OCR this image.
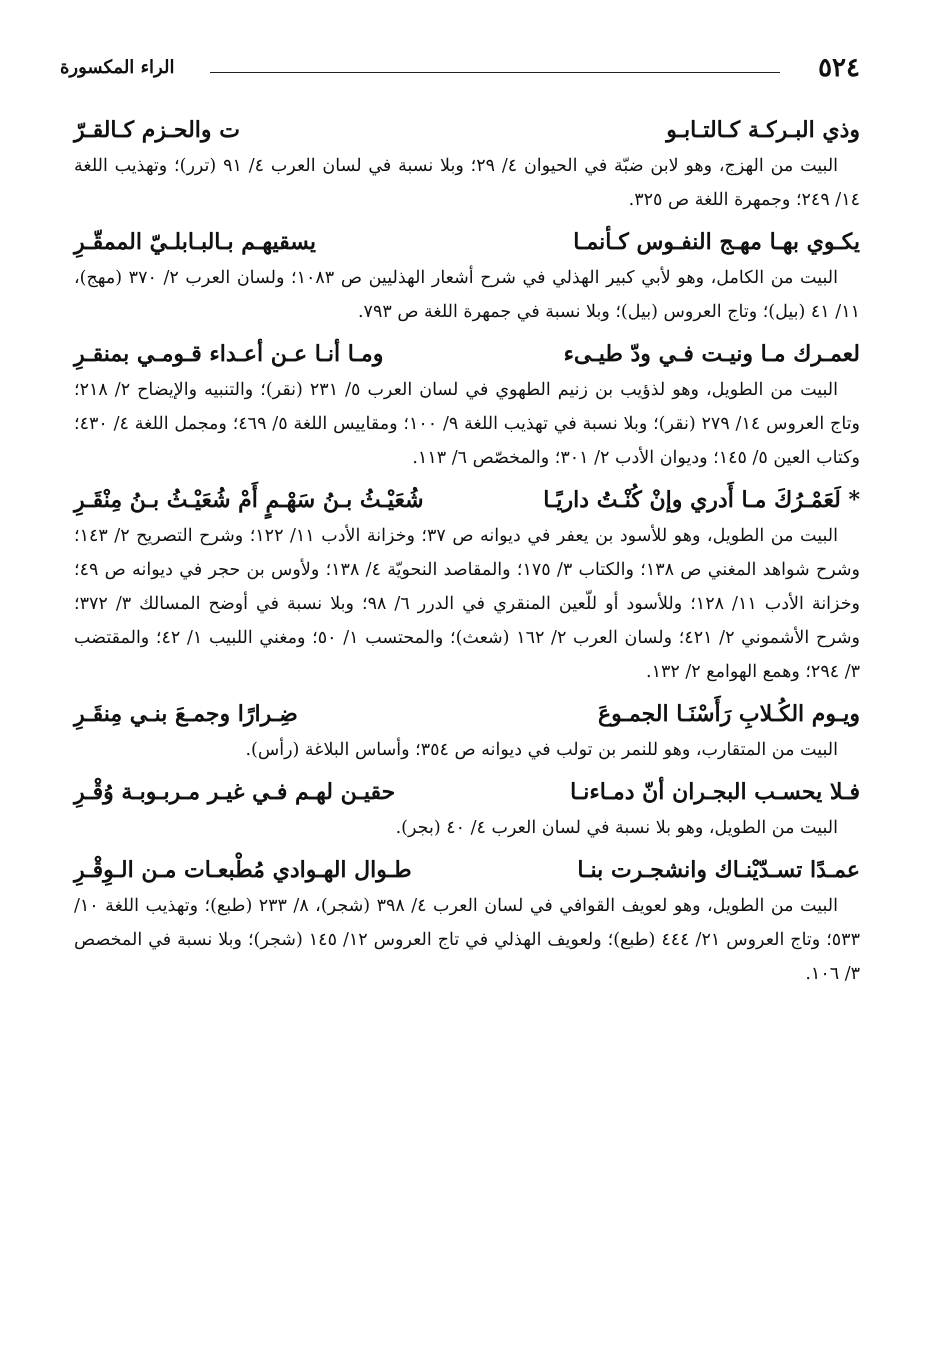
٥٢٤
الراء المكسورة
وذي البـركـة كـالتـابـو
ت والحـزم كـالقـرّ
البيت من الهزج، وهو لابن ضبّة في الحيوان ٤/ ٢٩؛ وبلا نسبة في لسان العرب ٤/ ٩١ (ترر)؛ وتهذيب اللغة ١٤/ ٢٤٩؛ وجمهرة اللغة ص ٣٢٥.
يكـوي بهـا مهـج النفـوس كـأنمـا
يسقيهـم بـالبـابلـيّ الممقّـرِ
البيت من الكامل، وهو لأبي كبير الهذلي في شرح أشعار الهذليين ص ١٠٨٣؛ ولسان العرب ٢/ ٣٧٠ (مهج)، ١١/ ٤١ (بيل)؛ وتاج العروس (بيل)؛ وبلا نسبة في جمهرة اللغة ص ٧٩٣.
لعمـرك مـا ونيـت فـي ودّ طيـىء
ومـا أنـا عـن أعـداء قـومـي بمنقـرِ
البيت من الطويل، وهو لذؤيب بن زنيم الطهوي في لسان العرب ٥/ ٢٣١ (نقر)؛ والتنبيه والإيضاح ٢/ ٢١٨؛ وتاج العروس ١٤/ ٢٧٩ (نقر)؛ وبلا نسبة في تهذيب اللغة ٩/ ١٠٠؛ ومقاييس اللغة ٥/ ٤٦٩؛ ومجمل اللغة ٤/ ٤٣٠؛ وكتاب العين ٥/ ١٤٥؛ وديوان الأدب ٢/ ٣٠١؛ والمخصّص ٦/ ١١٣.
* لَعَمْـرُكَ مـا أَدري وإنْ كُنْـتُ داريًـا
شُعَيْـثُ بـنُ سَهْـمٍ أَمْ شُعَيْـثُ بـنُ مِنْقَـرِ
البيت من الطويل، وهو للأسود بن يعفر في ديوانه ص ٣٧؛ وخزانة الأدب ١١/ ١٢٢؛ وشرح التصريح ٢/ ١٤٣؛ وشرح شواهد المغني ص ١٣٨؛ والكتاب ٣/ ١٧٥؛ والمقاصد النحويّة ٤/ ١٣٨؛ ولأوس بن حجر في ديوانه ص ٤٩؛ وخزانة الأدب ١١/ ١٢٨؛ وللأسود أو للّعين المنقري في الدرر ٦/ ٩٨؛ وبلا نسبة في أوضح المسالك ٣/ ٣٧٢؛ وشرح الأشموني ٢/ ٤٢١؛ ولسان العرب ٢/ ١٦٢ (شعث)؛ والمحتسب ١/ ٥٠؛ ومغني اللبيب ١/ ٤٢؛ والمقتضب ٣/ ٢٩٤؛ وهمع الهوامع ٢/ ١٣٢.
ويـوم الكُـلابِ رَأَسْنَـا الجمـوعَ
ضِـرارًا وجمـعَ بنـي مِنقَـرِ
البيت من المتقارب، وهو للنمر بن تولب في ديوانه ص ٣٥٤؛ وأساس البلاغة (رأس).
فـلا يحسـب البجـران أنّ دمـاءنـا
حقيـن لهـم فـي غيـر مـربـوبـة وُقْـرِ
البيت من الطويل، وهو بلا نسبة في لسان العرب ٤/ ٤٠ (بجر).
عمـدًا تسـدّيْنـاك وانشجـرت بنـا
طـوال الهـوادي مُطْبعـات مـن الـوِقْـرِ
البيت من الطويل، وهو لعويف القوافي في لسان العرب ٤/ ٣٩٨ (شجر)، ٨/ ٢٣٣ (طبع)؛ وتهذيب اللغة ١٠/ ٥٣٣؛ وتاج العروس ٢١/ ٤٤٤ (طبع)؛ ولعويف الهذلي في تاج العروس ١٢/ ١٤٥ (شجر)؛ وبلا نسبة في المخصص ٣/ ١٠٦.
